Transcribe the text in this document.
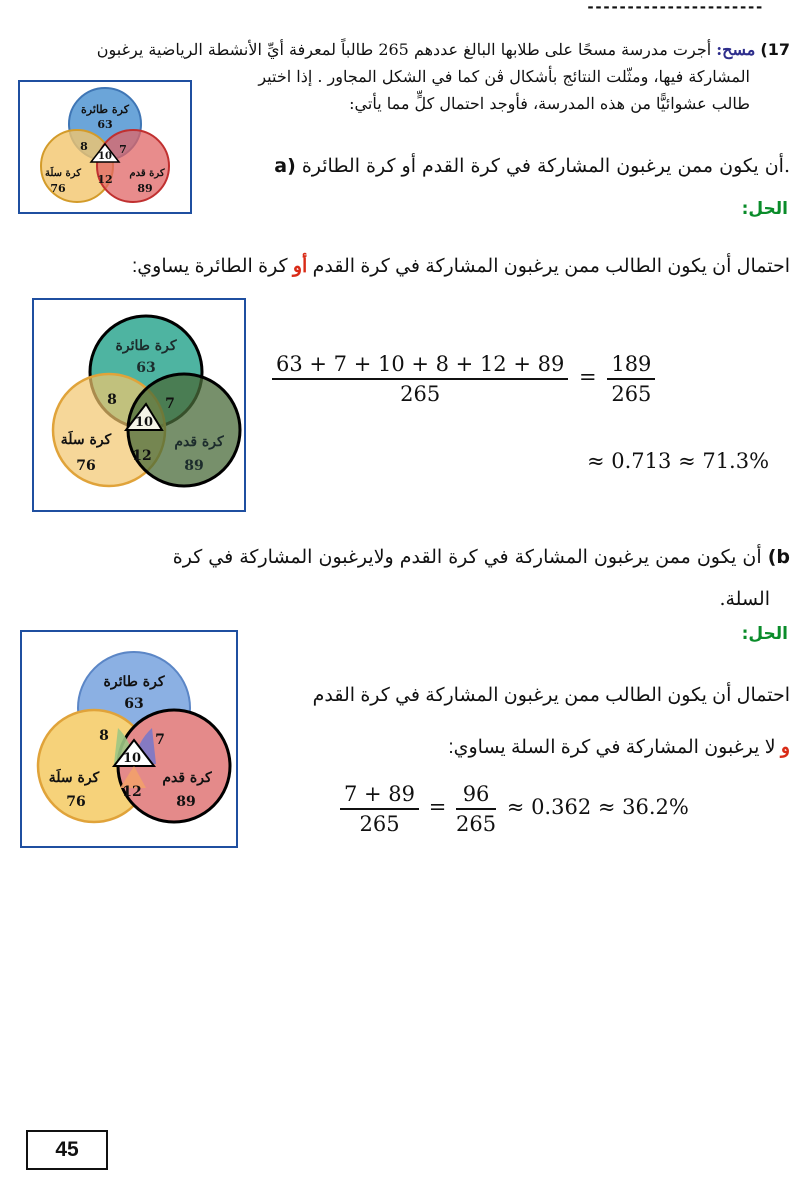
----------------------
17) مسح: أجرت مدرسة مسحًا على طلابها البالغ عددهم 265 طالباً لمعرفة أيِّ الأنشطة الرياضية يرغبون
المشاركة فيها، ومثّلت النتائج بأشكال ڤن كما في الشكل المجاور . إذا اختير
طالب عشوائيًّا من هذه المدرسة، فأوجد احتمال كلٍّ مما يأتي:
كرة طائرة
63
8	7
10
كرة سلَة
76
كرة قدم
89
12
a) أن يكون ممن يرغبون المشاركة في كرة القدم أو كرة الطائرة.
الحل:
احتمال أن يكون الطالب ممن يرغبون المشاركة في كرة القدم أو كرة الطائرة يساوي:
كرة طائرة
63
8	7
10
كرة سلَة
76
كرة قدم
89
12
$\frac{63 + 7 + 10 + 8 + 12 + 89}{265} = \frac{189}{265}$
≈ 0.713 ≈ 71.3%
b) أن يكون ممن يرغبون المشاركة في كرة القدم ولايرغبون المشاركة في كرة
السلة.
الحل:
احتمال أن يكون الطالب ممن يرغبون المشاركة في كرة القدم
و لا يرغبون المشاركة في كرة السلة يساوي:
كرة طائرة
63
8	7
10
كرة سلَة
76
كرة قدم
89
12	$\frac{7 + 89}{265} = \frac{96}{265} \approx 0.362 \approx 36.2\%$
45
